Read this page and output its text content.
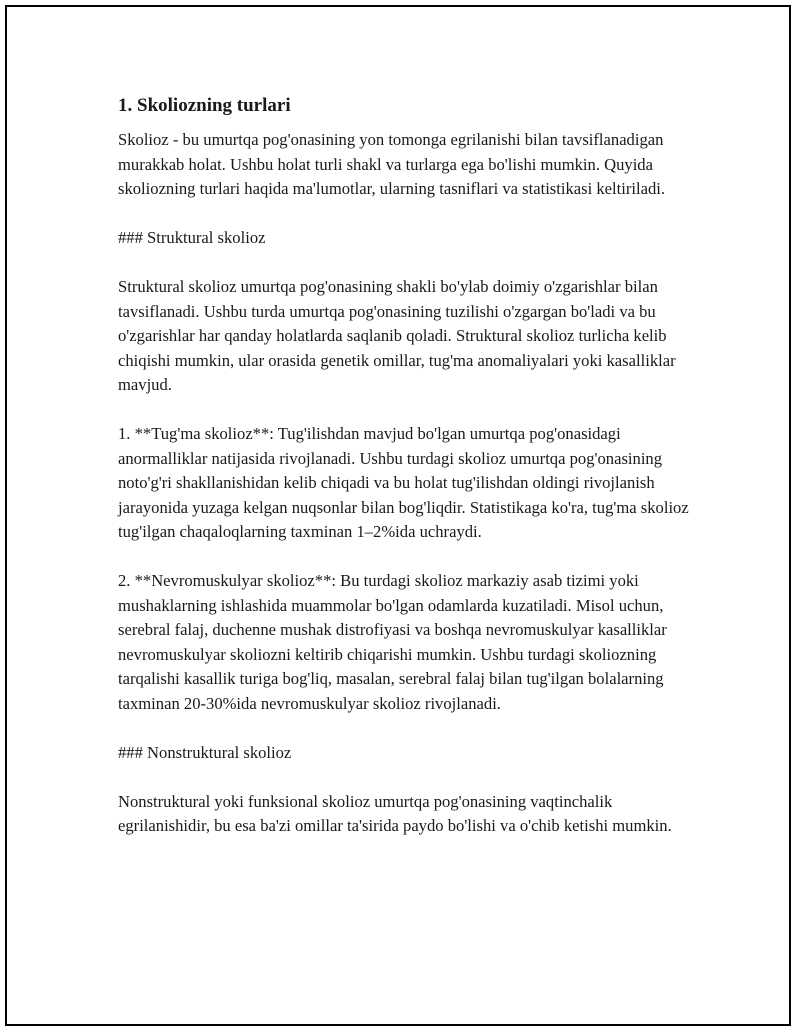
1. Skoliozning turlari

Skolioz - bu umurtqa pog'onasining yon tomonga egrilanishi bilan tavsiflanadigan murakkab holat. Ushbu holat turli shakl va turlarga ega bo'lishi mumkin. Quyida skoliozning turlari haqida ma'lumotlar, ularning tasniflari va statistikasi keltiriladi.

### Struktural skolioz

Struktural skolioz umurtqa pog'onasining shakli bo'ylab doimiy o'zgarishlar bilan tavsiflanadi. Ushbu turda umurtqa pog'onasining tuzilishi o'zgargan bo'ladi va bu o'zgarishlar har qanday holatlarda saqlanib qoladi. Struktural skolioz turlicha kelib chiqishi mumkin, ular orasida genetik omillar, tug'ma anomaliyalari yoki kasalliklar mavjud.

1. **Tug'ma skolioz**: Tug'ilishdan mavjud bo'lgan umurtqa pog'onasidagi anormalliklar natijasida rivojlanadi. Ushbu turdagi skolioz umurtqa pog'onasining noto'g'ri shakllanishidan kelib chiqadi va bu holat tug'ilishdan oldingi rivojlanish jarayonida yuzaga kelgan nuqsonlar bilan bog'liqdir. Statistikaga ko'ra, tug'ma skolioz tug'ilgan chaqaloqlarning taxminan 1–2%ida uchraydi.

2. **Nevromuskulyar skolioz**: Bu turdagi skolioz markaziy asab tizimi yoki mushaklarning ishlashida muammolar bo'lgan odamlarda kuzatiladi. Misol uchun, serebral falaj, duchenne mushak distrofiyasi va boshqa nevromuskulyar kasalliklar nevromuskulyar skoliozni keltirib chiqarishi mumkin. Ushbu turdagi skoliozning tarqalishi kasallik turiga bog'liq, masalan, serebral falaj bilan tug'ilgan bolalarning taxminan 20-30%ida nevromuskulyar skolioz rivojlanadi.

### Nonstruktural skolioz

Nonstruktural yoki funksional skolioz umurtqa pog'onasining vaqtinchalik egrilanishidir, bu esa ba'zi omillar ta'sirida paydo bo'lishi va o'chib ketishi mumkin.
